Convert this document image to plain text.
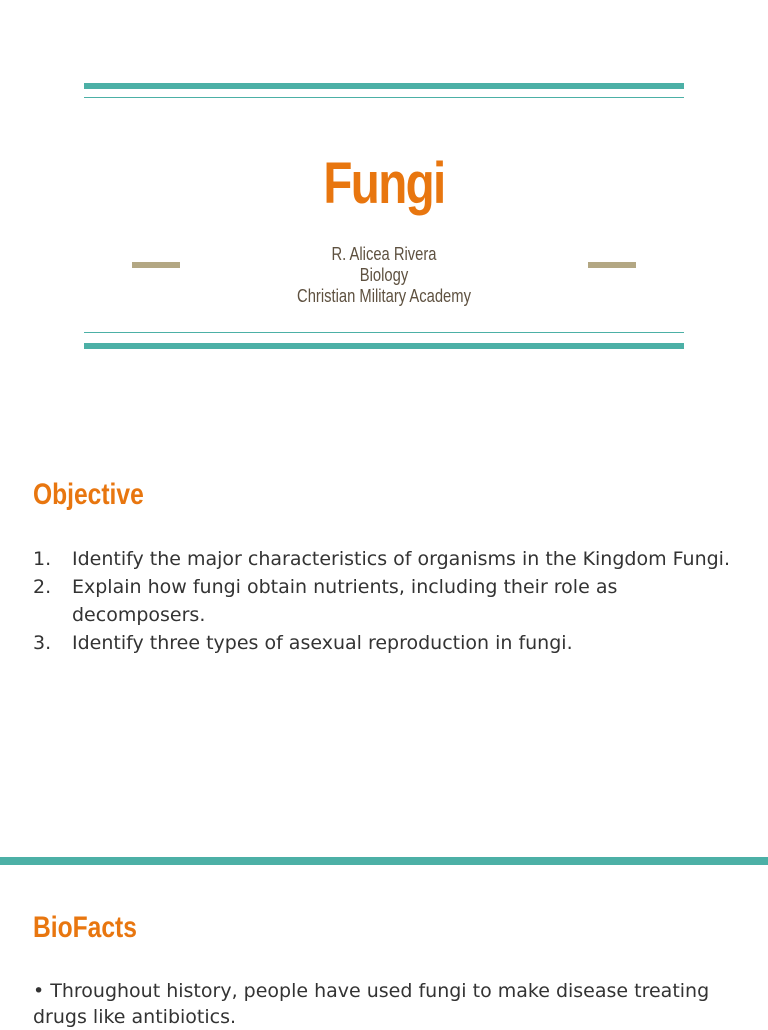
Fungi
R. Alicea Rivera
Biology
Christian Military Academy
Objective
1. Identify the major characteristics of organisms in the Kingdom Fungi.
2. Explain how fungi obtain nutrients, including their role as decomposers.
3. Identify three types of asexual reproduction in fungi.
BioFacts
• Throughout history, people have used fungi to make disease treating drugs like antibiotics.
